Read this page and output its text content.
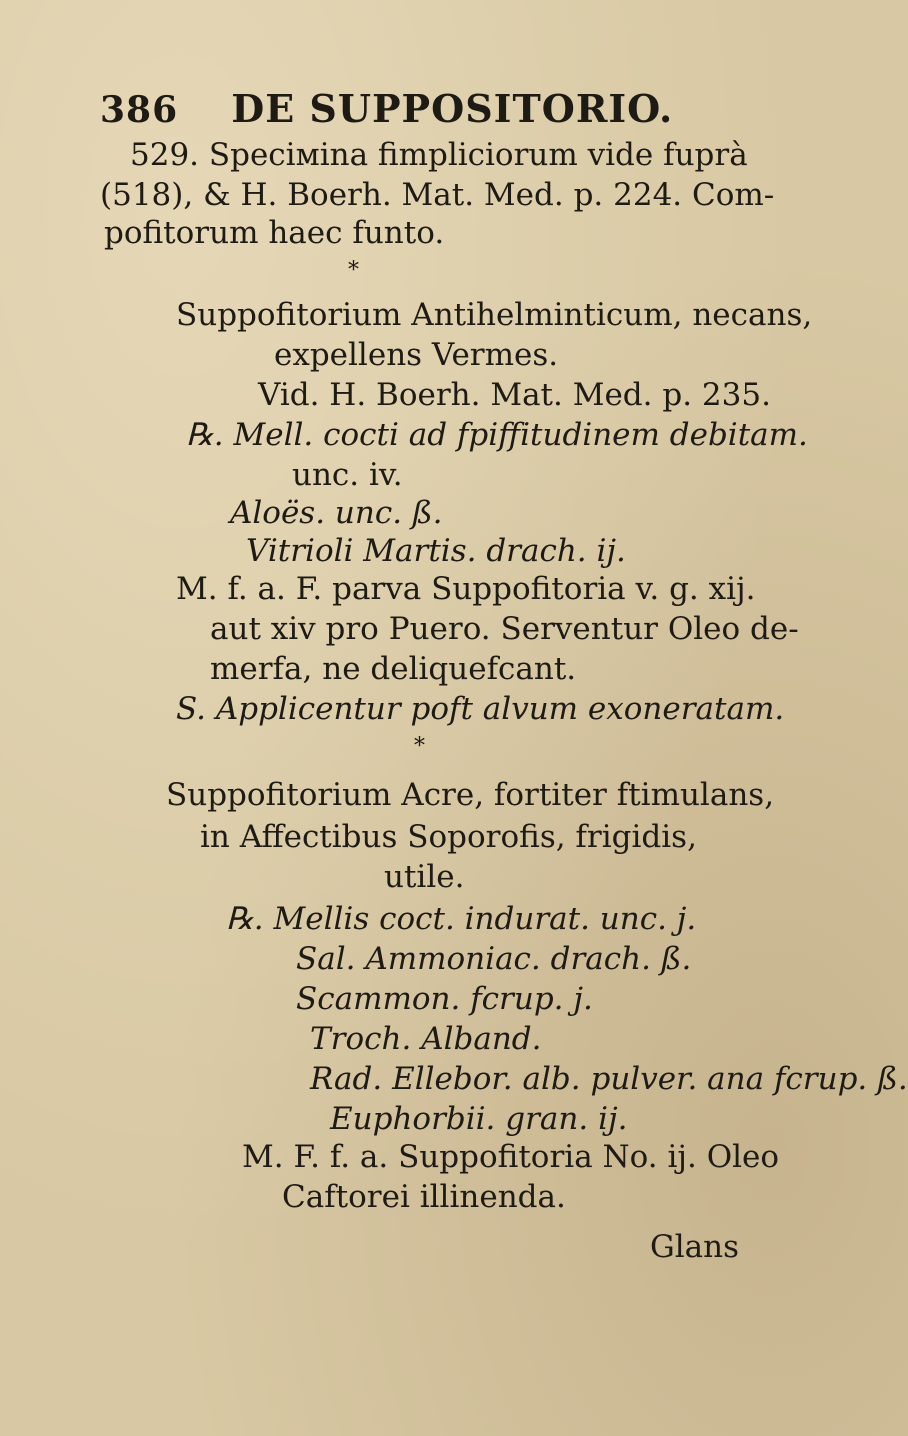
386 DE SUPPOSITORIO.
529. Speciмina fimpliciorum vide fuprà
(518), & H. Boerh. Mat. Med. p. 224. Com-
pofitorum haec funto.
*
Suppofitorium Antihelminticum, necans,
expellens Vermes.
Vid. H. Boerh. Mat. Med. p. 235.
℞. Mell. cocti ad fpiffitudinem debitam.
unc. iv.
Aloës. unc. ß.
Vitrioli Martis. drach. ij.
M. f. a. F. parva Suppofitoria v. g. xij.
aut xiv pro Puero. Serventur Oleo de-
merfa, ne deliquefcant.
S. Applicentur poft alvum exoneratam.
*
Suppofitorium Acre, fortiter ftimulans,
in Affectibus Soporofis, frigidis,
utile.
℞. Mellis coct. indurat. unc. j.
Sal. Ammoniac. drach. ß.
Scammon. fcrup. j.
Troch. Alband.
Rad. Ellebor. alb. pulver. ana fcrup. ß.
Euphorbii. gran. ij.
M. F. f. a. Suppofitoria No. ij. Oleo
Caftorei illinenda.
Glans
